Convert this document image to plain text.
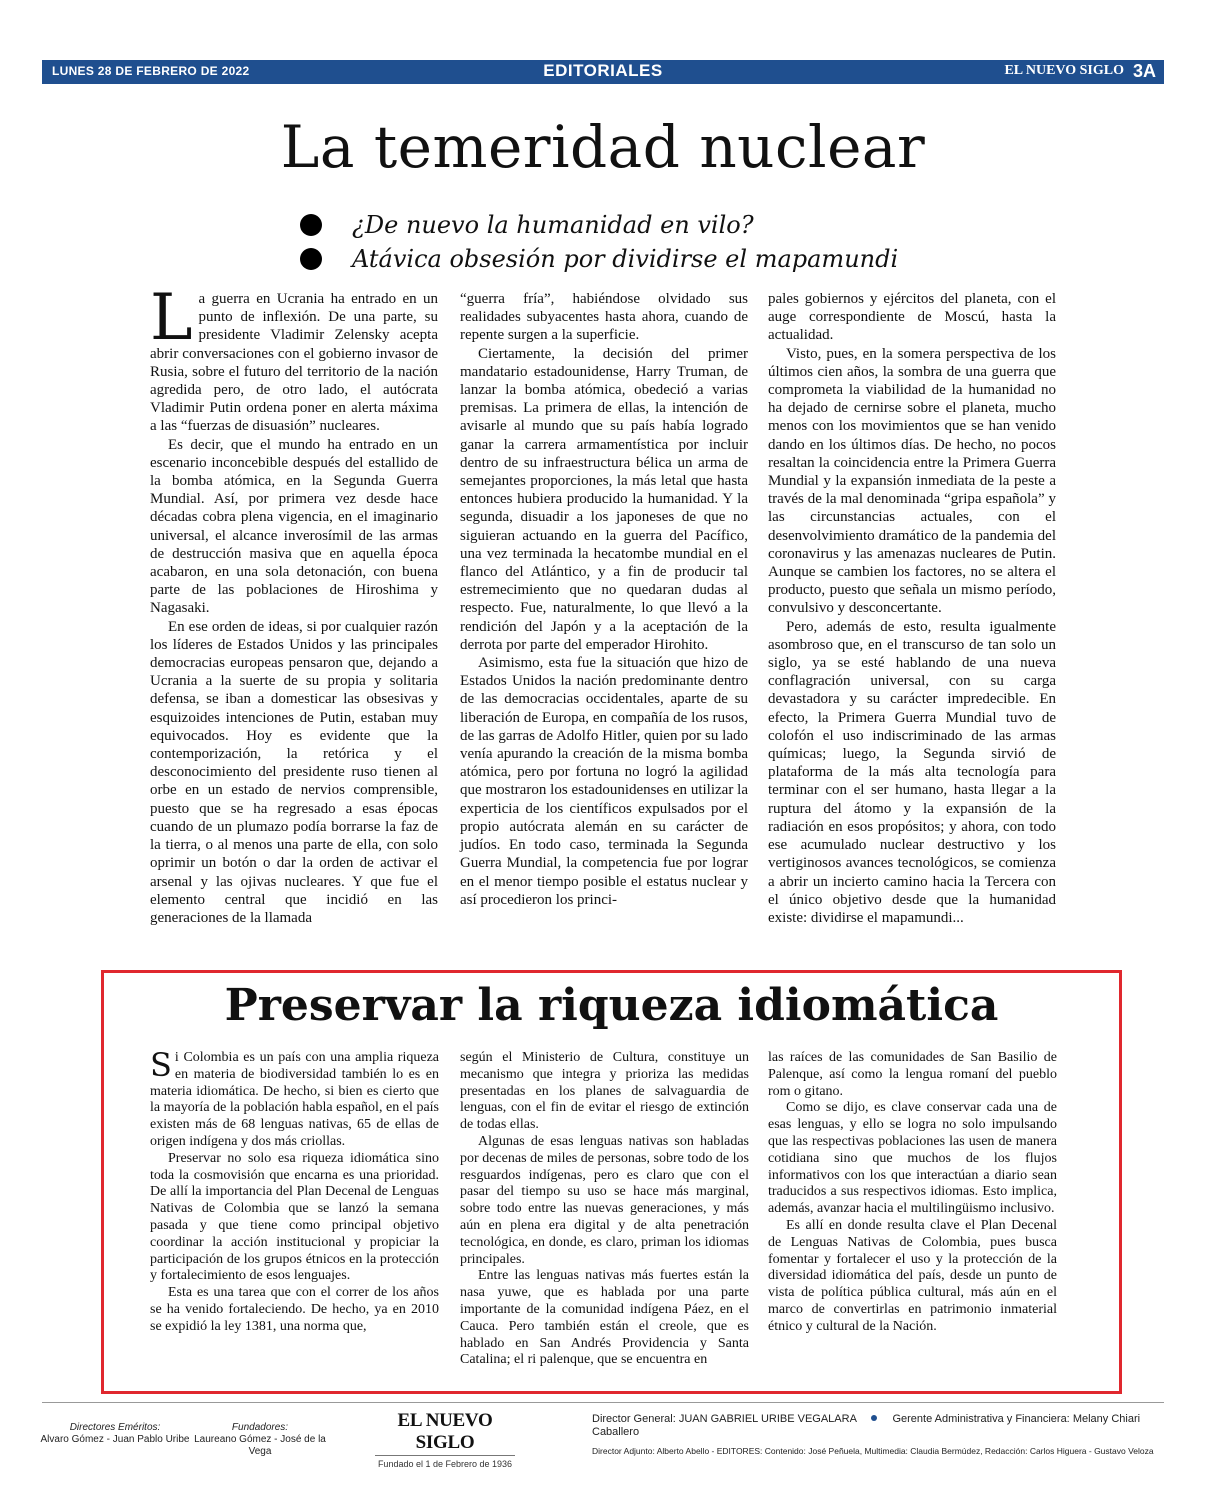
LUNES 28 DE FEBRERO DE 2022	EDITORIALES	EL NUEVO SIGLO 3A
La temeridad nuclear
¿De nuevo la humanidad en vilo?
Atávica obsesión por dividirse el mapamundi

La guerra en Ucrania ha entrado en un punto de inflexión. De una parte, su presidente Vladimir Zelensky acepta abrir conversaciones con el gobierno invasor de Rusia, sobre el futuro del territorio de la nación agredida pero, de otro lado, el autócrata Vladimir Putin ordena poner en alerta máxima a las “fuerzas de disuasión” nucleares.

Es decir, que el mundo ha entrado en un escenario inconcebible después del estallido de la bomba atómica, en la Segunda Guerra Mundial. Así, por primera vez desde hace décadas cobra plena vigencia, en el imaginario universal, el alcance inverosímil de las armas de destrucción masiva que en aquella época acabaron, en una sola detonación, con buena parte de las poblaciones de Hiroshima y Nagasaki.

En ese orden de ideas, si por cualquier razón los líderes de Estados Unidos y las principales democracias europeas pensaron que, dejando a Ucrania a la suerte de su propia y solitaria defensa, se iban a domesticar las obsesivas y esquizoides intenciones de Putin, estaban muy equivocados. Hoy es evidente que la contemporización, la retórica y el desconocimiento del presidente ruso tienen al orbe en un estado de nervios comprensible, puesto que se ha regresado a esas épocas cuando de un plumazo podía borrarse la faz de la tierra, o al menos una parte de ella, con solo oprimir un botón o dar la orden de activar el arsenal y las ojivas nucleares. Y que fue el elemento central que incidió en las generaciones de la llamada

“guerra fría”, habiéndose olvidado sus realidades subyacentes hasta ahora, cuando de repente surgen a la superficie.

Ciertamente, la decisión del primer mandatario estadounidense, Harry Truman, de lanzar la bomba atómica, obedeció a varias premisas. La primera de ellas, la intención de avisarle al mundo que su país había logrado ganar la carrera armamentística por incluir dentro de su infraestructura bélica un arma de semejantes proporciones, la más letal que hasta entonces hubiera producido la humanidad. Y la segunda, disuadir a los japoneses de que no siguieran actuando en la guerra del Pacífico, una vez terminada la hecatombe mundial en el flanco del Atlántico, y a fin de producir tal estremecimiento que no quedaran dudas al respecto. Fue, naturalmente, lo que llevó a la rendición del Japón y a la aceptación de la derrota por parte del emperador Hirohito.

Asimismo, esta fue la situación que hizo de Estados Unidos la nación predominante dentro de las democracias occidentales, aparte de su liberación de Europa, en compañía de los rusos, de las garras de Adolfo Hitler, quien por su lado venía apurando la creación de la misma bomba atómica, pero por fortuna no logró la agilidad que mostraron los estadounidenses en utilizar la experticia de los científicos expulsados por el propio autócrata alemán en su carácter de judíos. En todo caso, terminada la Segunda Guerra Mundial, la competencia fue por lograr en el menor tiempo posible el estatus nuclear y así procedieron los princi-

pales gobiernos y ejércitos del planeta, con el auge correspondiente de Moscú, hasta la actualidad.

Visto, pues, en la somera perspectiva de los últimos cien años, la sombra de una guerra que comprometa la viabilidad de la humanidad no ha dejado de cernirse sobre el planeta, mucho menos con los movimientos que se han venido dando en los últimos días. De hecho, no pocos resaltan la coincidencia entre la Primera Guerra Mundial y la expansión inmediata de la peste a través de la mal denominada “gripa española” y las circunstancias actuales, con el desenvolvimiento dramático de la pandemia del coronavirus y las amenazas nucleares de Putin. Aunque se cambien los factores, no se altera el producto, puesto que señala un mismo período, convulsivo y desconcertante.

Pero, además de esto, resulta igualmente asombroso que, en el transcurso de tan solo un siglo, ya se esté hablando de una nueva conflagración universal, con su carga devastadora y su carácter impredecible. En efecto, la Primera Guerra Mundial tuvo de colofón el uso indiscriminado de las armas químicas; luego, la Segunda sirvió de plataforma de la más alta tecnología para terminar con el ser humano, hasta llegar a la ruptura del átomo y la expansión de la radiación en esos propósitos; y ahora, con todo ese acumulado nuclear destructivo y los vertiginosos avances tecnológicos, se comienza a abrir un incierto camino hacia la Tercera con el único objetivo desde que la humanidad existe: dividirse el mapamundi...

Preservar la riqueza idiomática

Si Colombia es un país con una amplia riqueza en materia de biodiversidad también lo es en materia idiomática. De hecho, si bien es cierto que la mayoría de la población habla español, en el país existen más de 68 lenguas nativas, 65 de ellas de origen indígena y dos más criollas.

Preservar no solo esa riqueza idiomática sino toda la cosmovisión que encarna es una prioridad. De allí la importancia del Plan Decenal de Lenguas Nativas de Colombia que se lanzó la semana pasada y que tiene como principal objetivo coordinar la acción institucional y propiciar la participación de los grupos étnicos en la protección y fortalecimiento de esos lenguajes.

Esta es una tarea que con el correr de los años se ha venido fortaleciendo. De hecho, ya en 2010 se expidió la ley 1381, una norma que,

según el Ministerio de Cultura, constituye un mecanismo que integra y prioriza las medidas presentadas en los planes de salvaguardia de lenguas, con el fin de evitar el riesgo de extinción de todas ellas.

Algunas de esas lenguas nativas son habladas por decenas de miles de personas, sobre todo de los resguardos indígenas, pero es claro que con el pasar del tiempo su uso se hace más marginal, sobre todo entre las nuevas generaciones, y más aún en plena era digital y de alta penetración tecnológica, en donde, es claro, priman los idiomas principales.

Entre las lenguas nativas más fuertes están la nasa yuwe, que es hablada por una parte importante de la comunidad indígena Páez, en el Cauca. Pero también están el creole, que es hablado en San Andrés Providencia y Santa Catalina; el ri palenque, que se encuentra en

las raíces de las comunidades de San Basilio de Palenque, así como la lengua romaní del pueblo rom o gitano.

Como se dijo, es clave conservar cada una de esas lenguas, y ello se logra no solo impulsando que las respectivas poblaciones las usen de manera cotidiana sino que muchos de los flujos informativos con los que interactúan a diario sean traducidos a sus respectivos idiomas. Esto implica, además, avanzar hacia el multilingüismo inclusivo.

Es allí en donde resulta clave el Plan Decenal de Lenguas Nativas de Colombia, pues busca fomentar y fortalecer el uso y la protección de la diversidad idiomática del país, desde un punto de vista de política pública cultural, más aún en el marco de convertirlas en patrimonio inmaterial étnico y cultural de la Nación.

Directores Eméritos:
Alvaro Gómez - Juan Pablo Uribe
Fundadores:
Laureano Gómez - José de la Vega
EL NUEVO SIGLO
Fundado el 1 de Febrero de 1936
Director General: JUAN GABRIEL URIBE VEGALARA	Gerente Administrativa y Financiera: Melany Chiari Caballero
Director Adjunto: Alberto Abello - EDITORES: Contenido: José Peñuela, Multimedia: Claudia Bermúdez, Redacción: Carlos Higuera - Gustavo Veloza
